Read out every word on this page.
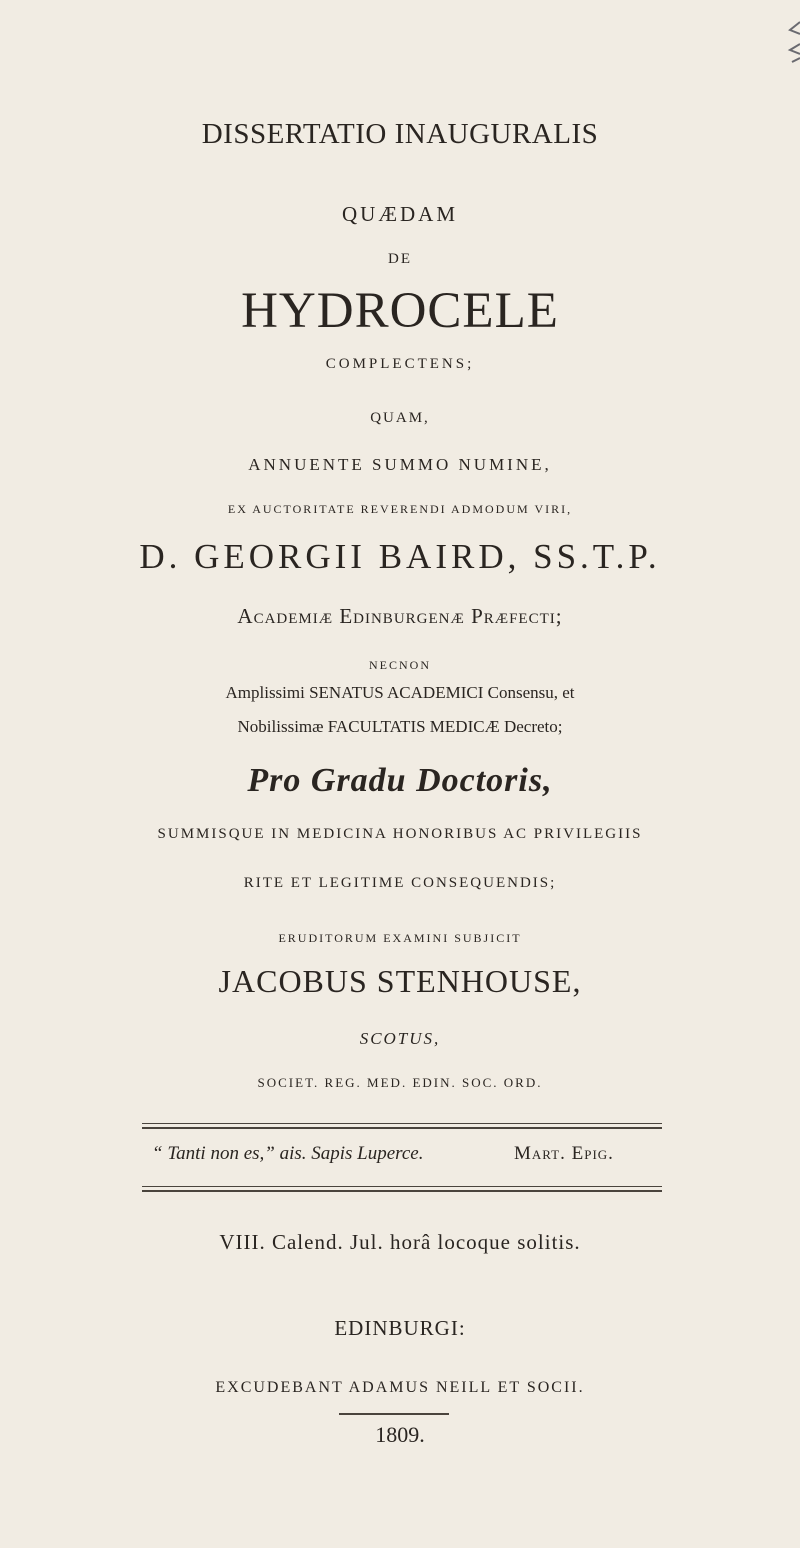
DISSERTATIO INAUGURALIS
QUÆDAM
DE
HYDROCELE
COMPLECTENS;
QUAM,
ANNUENTE SUMMO NUMINE,
EX AUCTORITATE REVERENDI ADMODUM VIRI,
D. GEORGII BAIRD, SS.T.P.
Academiæ Edinburgenæ Præfecti;
NECNON
Amplissimi SENATUS ACADEMICI Consensu, et
Nobilissimæ FACULTATIS MEDICÆ Decreto;
Pro Gradu Doctoris,
SUMMISQUE IN MEDICINA HONORIBUS AC PRIVILEGIIS
RITE ET LEGITIME CONSEQUENDIS;
ERUDITORUM EXAMINI SUBJICIT
JACOBUS STENHOUSE,
SCOTUS,
SOCIET. REG. MED. EDIN. SOC. ORD.
“ Tanti non es,” ais. Sapis Luperce.	Mart. Epig.
VIII. Calend. Jul. horâ locoque solitis.
EDINBURGI:
EXCUDEBANT ADAMUS NEILL ET SOCII.
1809.
